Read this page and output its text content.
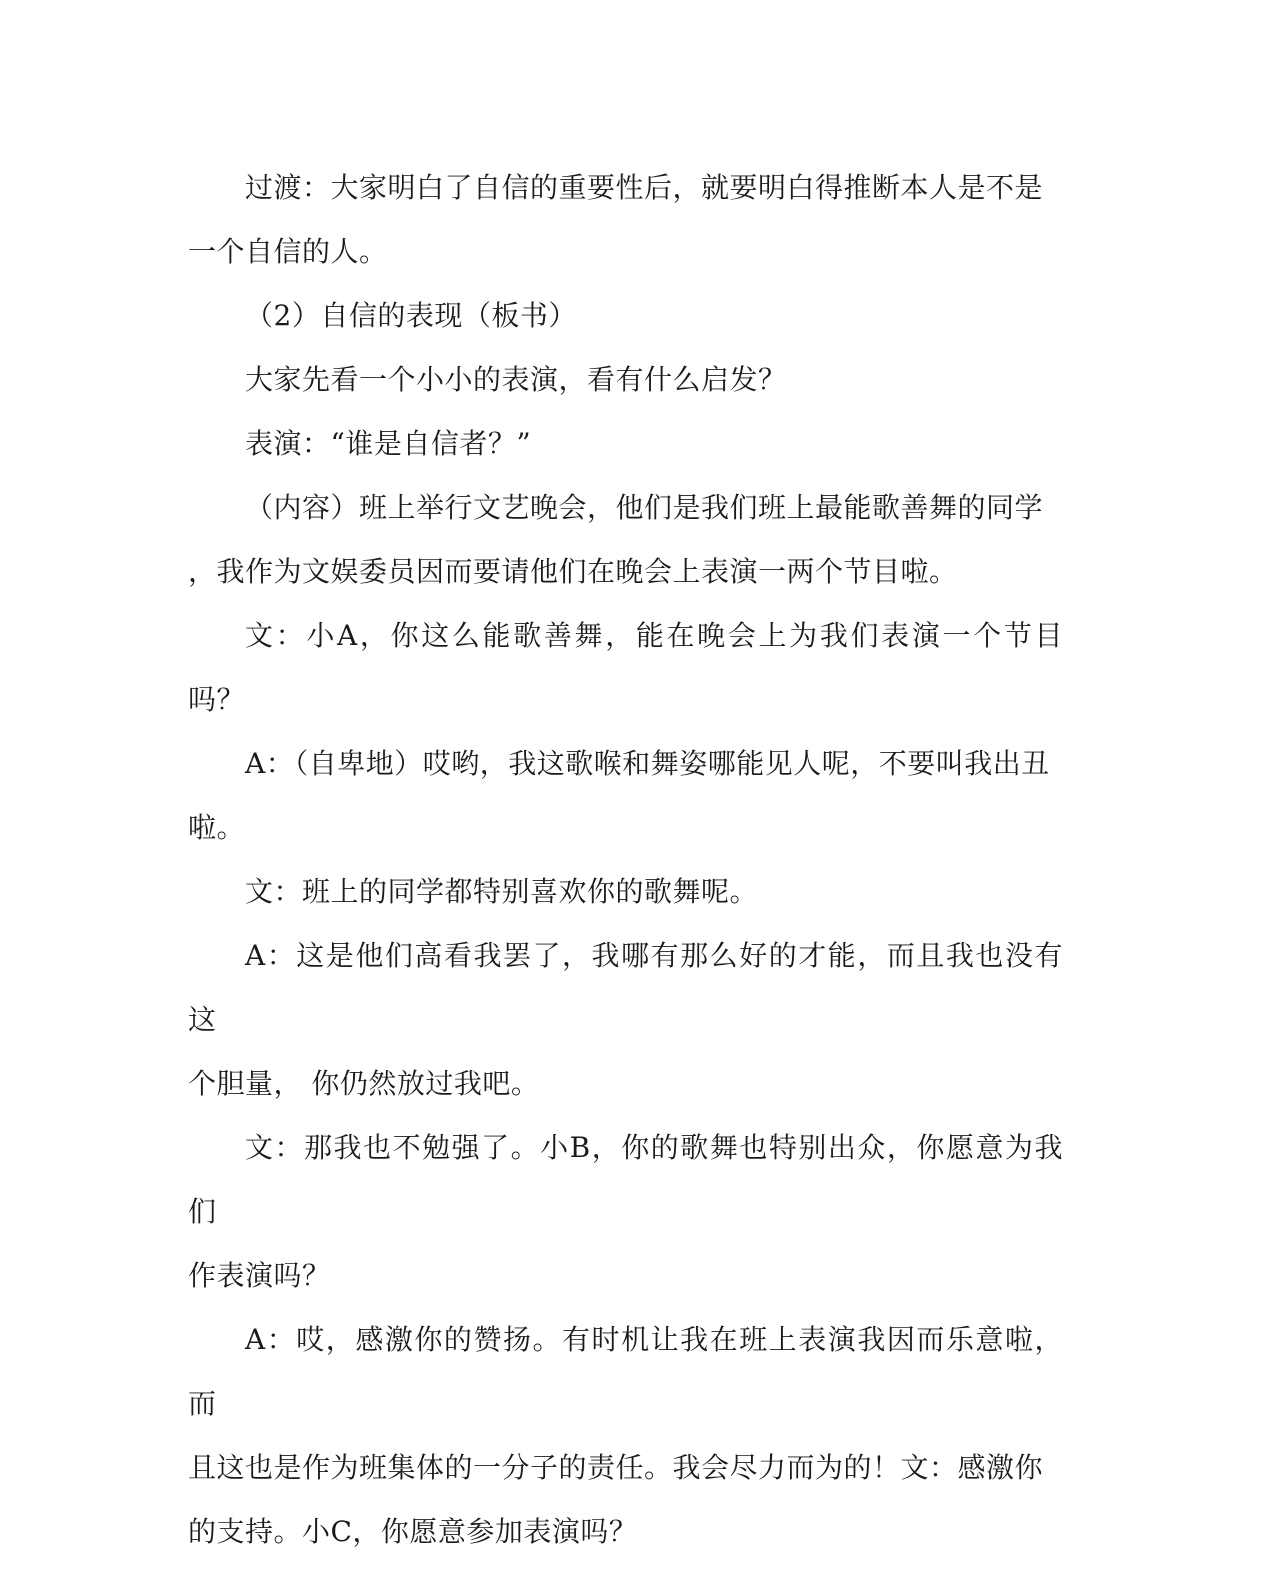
过渡：大家明白了自信的重要性后，就要明白得推断本人是不是
一个自信的人。

（2）自信的表现（板书）

大家先看一个小小的表演，看有什么启发？

表演：“谁是自信者？”

（内容）班上举行文艺晚会，他们是我们班上最能歌善舞的同学
，我作为文娱委员因而要请他们在晚会上表演一两个节目啦。

文：小A，你这么能歌善舞，能在晚会上为我们表演一个节目吗？

A：（自卑地）哎哟，我这歌喉和舞姿哪能见人呢，不要叫我出丑
啦。

文：班上的同学都特别喜欢你的歌舞呢。

A：这是他们高看我罢了，我哪有那么好的才能，而且我也没有这
个胆量， 你仍然放过我吧。

文：那我也不勉强了。小B，你的歌舞也特别出众，你愿意为我们
作表演吗？

A：哎，感激你的赞扬。有时机让我在班上表演我因而乐意啦，而
且这也是作为班集体的一分子的责任。我会尽力而为的！文：感激你
的支持。小C，你愿意参加表演吗？
